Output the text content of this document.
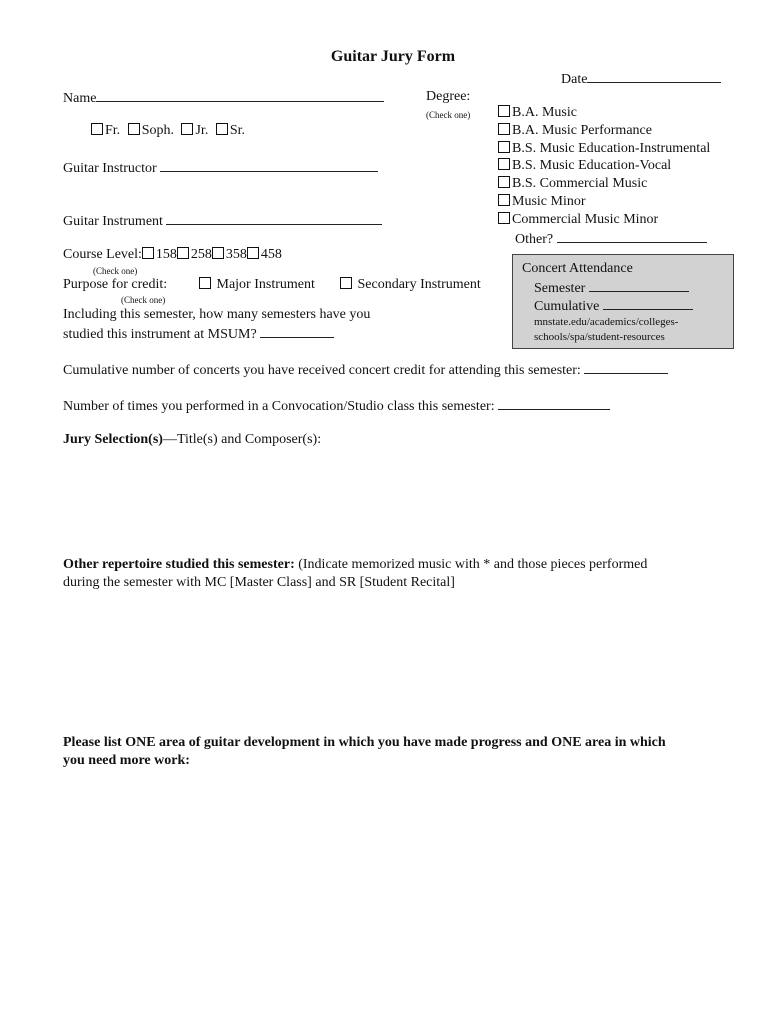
Guitar Jury Form
Date
Name	Degree:
(Check one)
Fr. Soph. Jr. Sr.
B.A. Music
B.A. Music Performance
B.S. Music Education-Instrumental
B.S. Music Education-Vocal
B.S. Commercial Music
Music Minor
Commercial Music Minor
Other?
Guitar Instructor
Guitar Instrument
Course Level: 158 258 358 458
(Check one)
Purpose for credit:	Major Instrument	Secondary Instrument
(Check one)
Including this semester, how many semesters have you
studied this instrument at MSUM?
Concert Attendance
Semester
Cumulative
mnstate.edu/academics/colleges-
schools/spa/student-resources
Cumulative number of concerts you have received concert credit for attending this semester:
Number of times you performed in a Convocation/Studio class this semester:
Jury Selection(s)—Title(s) and Composer(s):
Other repertoire studied this semester: (Indicate memorized music with * and those pieces performed
during the semester with MC [Master Class] and SR [Student Recital]
Please list ONE area of guitar development in which you have made progress and ONE area in which
you need more work:
